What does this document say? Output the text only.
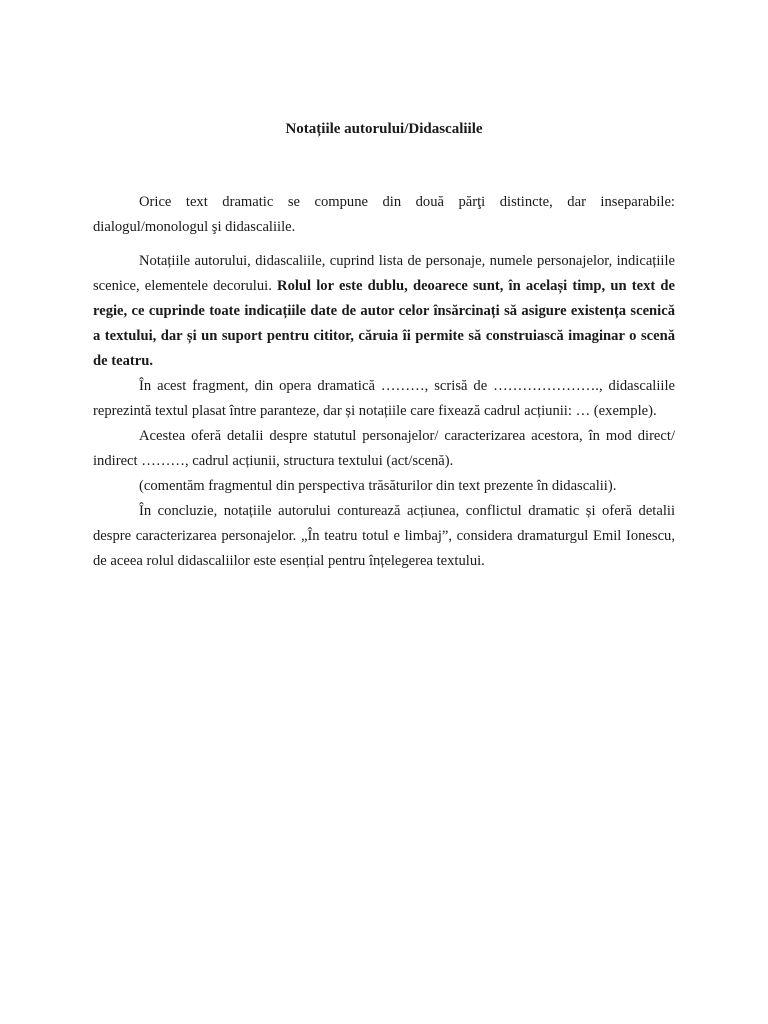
Notațiile autorului/Didascaliile

Orice text dramatic se compune din două părţi distincte, dar inseparabile: dialogul/monologul şi didascaliile.

Notațiile autorului, didascaliile, cuprind lista de personaje, numele personajelor, indicațiile scenice, elementele decorului. Rolul lor este dublu, deoarece sunt, în același timp, un text de regie, ce cuprinde toate indicațiile date de autor celor însărcinați să asigure existența scenică a textului, dar și un suport pentru cititor, căruia îi permite să construiască imaginar o scenă de teatru.

În acest fragment, din opera dramatică ………, scrisă de …………………., didascaliile reprezintă textul plasat între paranteze, dar și notațiile care fixează cadrul acțiunii: … (exemple).

Acestea oferă detalii despre statutul personajelor/ caracterizarea acestora, în mod direct/ indirect ………, cadrul acțiunii, structura textului (act/scenă).

(comentăm fragmentul din perspectiva trăsăturilor din text prezente în didascalii).

În concluzie, notațiile autorului conturează acțiunea, conflictul dramatic și oferă detalii despre caracterizarea personajelor. „În teatru totul e limbaj”, considera dramaturgul Emil Ionescu, de aceea rolul didascaliilor este esențial pentru înțelegerea textului.
